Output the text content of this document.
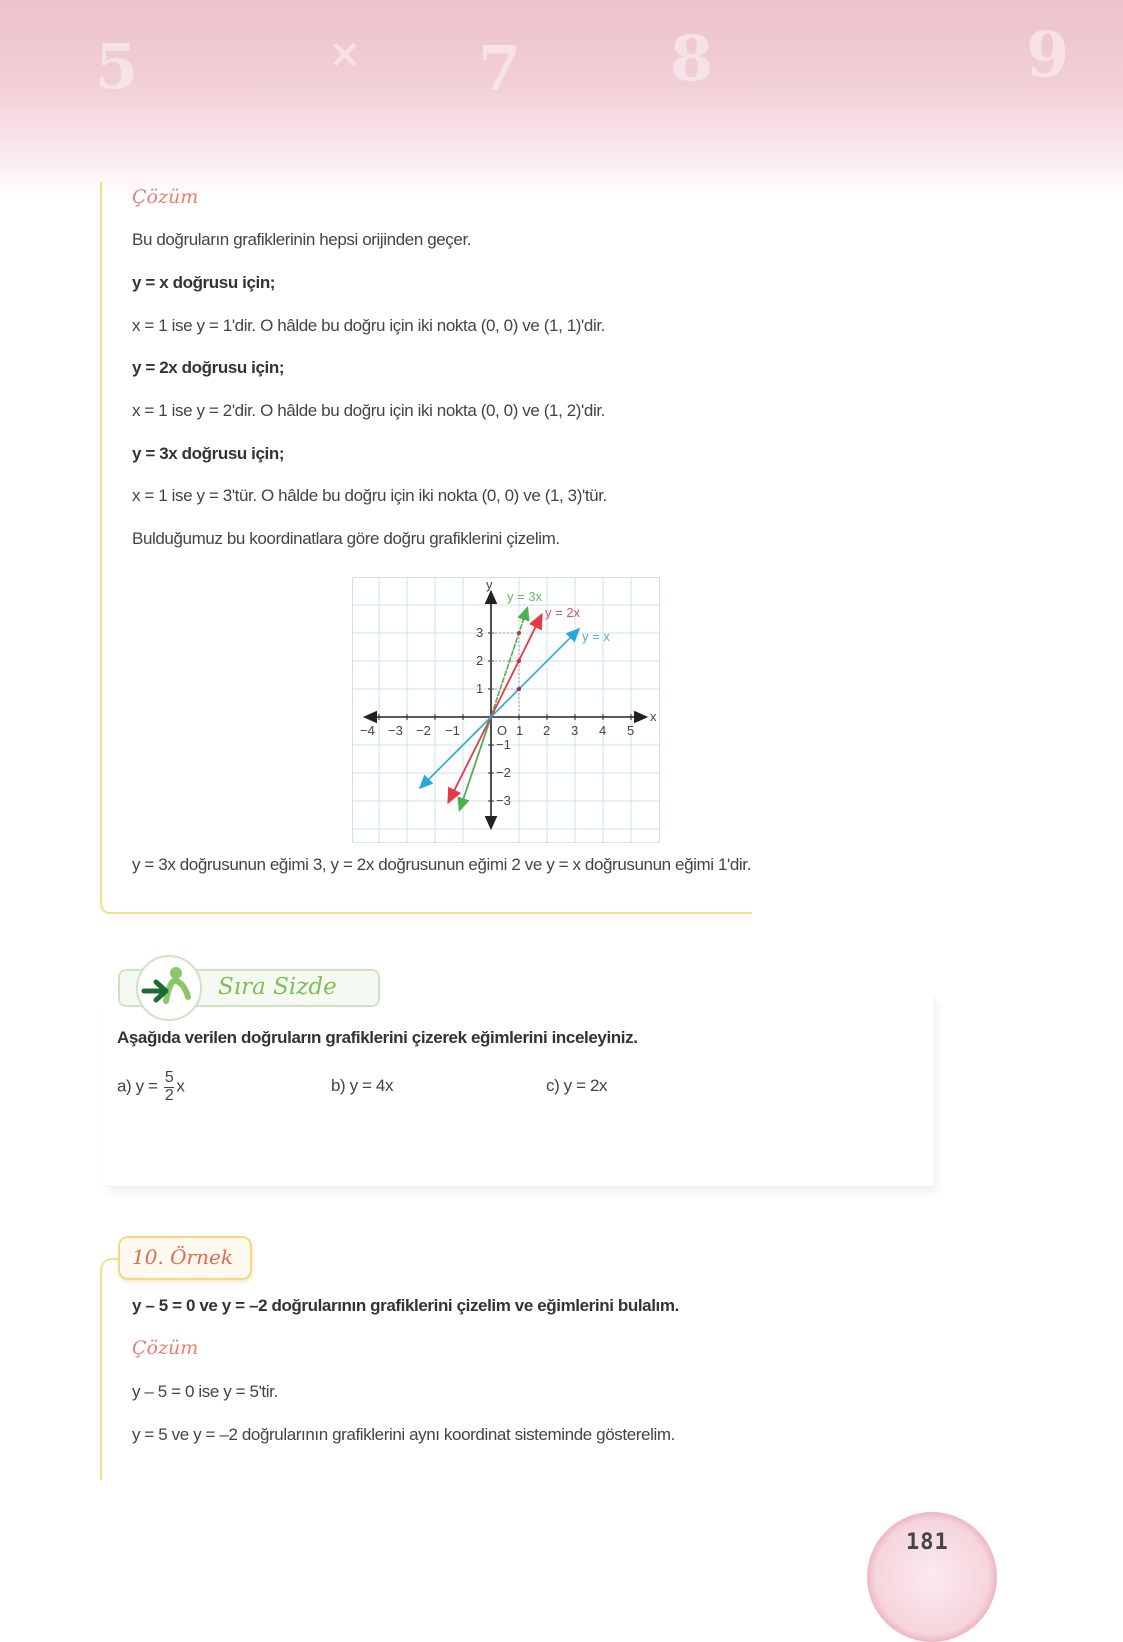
5	× 7 8	9
Çözüm
Bu doğruların grafiklerinin hepsi orijinden geçer.
y = x doğrusu için;
x = 1 ise y = 1'dir. O hâlde bu doğru için iki nokta (0, 0) ve (1, 1)'dir.
y = 2x doğrusu için;
x = 1 ise y = 2'dir. O hâlde bu doğru için iki nokta (0, 0) ve (1, 2)'dir.
y = 3x doğrusu için;
x = 1 ise y = 3'tür. O hâlde bu doğru için iki nokta (0, 0) ve (1, 3)'tür.
Bulduğumuz bu koordinatlara göre doğru grafiklerini çizelim.
−4 −3 −2 −1	O 1 2 3 4 5
x
y
3
2
1
−1
−2
−3
y = 3x
y = 2x
y = x
y = 3x doğrusunun eğimi 3, y = 2x doğrusunun eğimi 2 ve y = x doğrusunun eğimi 1'dir.
Sıra Sizde
Aşağıda verilen doğruların grafiklerini çizerek eğimlerini inceleyiniz.
a) $y = \frac{5}{2}$ x	b) y = 4x	c) y = 2x
10. Örnek
y – 5 = 0 ve y = –2 doğrularının grafiklerini çizelim ve eğimlerini bulalım.
Çözüm
y – 5 = 0 ise y = 5'tir.
y = 5 ve y = –2 doğrularının grafiklerini aynı koordinat sisteminde gösterelim.
181
